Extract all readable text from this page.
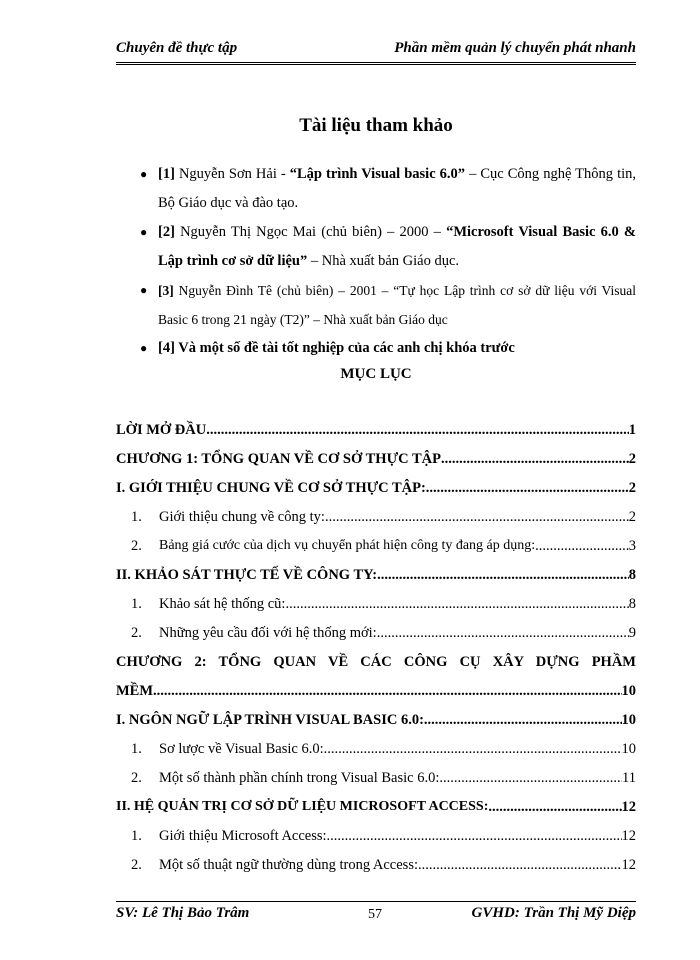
Chuyên đề thực tập	Phần mềm quản lý chuyển phát nhanh
Tài liệu tham khảo
● [1] Nguyễn Sơn Hải - “Lập trình Visual basic 6.0” – Cục Công nghệ Thông tin, Bộ Giáo dục và đào tạo.
● [2] Nguyễn Thị Ngọc Mai (chủ biên) – 2000 – “Microsoft Visual Basic 6.0 & Lập trình cơ sở dữ liệu” – Nhà xuất bản Giáo dục.
● [3] Nguyễn Đình Tê (chủ biên) – 2001 – “Tự học Lập trình cơ sở dữ liệu với Visual Basic 6 trong 21 ngày (T2)” – Nhà xuất bản Giáo dục
● [4] Và một số đề tài tốt nghiệp của các anh chị khóa trước
MỤC LỤC
LỜI MỞ ĐẦU .....	1
CHƯƠNG 1: TỔNG QUAN VỀ CƠ SỞ THỰC TẬP .....	2
I. GIỚI THIỆU CHUNG VỀ CƠ SỞ THỰC TẬP: .....	2
1.	Giới thiệu chung về công ty: .....	2
2.	Bảng giá cước của dịch vụ chuyển phát hiện công ty đang áp dụng: .....	3
II. KHẢO SÁT THỰC TẾ VỀ CÔNG TY: .....	8
1.	Khảo sát hệ thống cũ: .....	8
2.	Những yêu cầu đối với hệ thống mới: .....	9
CHƯƠNG 2: TỔNG QUAN VỀ CÁC CÔNG CỤ XÂY DỰNG PHẦM
MỀM .....	10
I. NGÔN NGỮ LẬP TRÌNH VISUAL BASIC 6.0: .....	10
1.	Sơ lược về Visual Basic 6.0: .....	10
2.	Một số thành phần chính trong Visual Basic 6.0: .....	11
II. HỆ QUẢN TRỊ CƠ SỞ DỮ LIỆU MICROSOFT ACCESS: .....	12
1.	Giới thiệu Microsoft Access: .....	12
2.	Một số thuật ngữ thường dùng trong Access: .....	12
SV: Lê Thị Bảo Trâm	57	GVHD: Trần Thị Mỹ Diệp
